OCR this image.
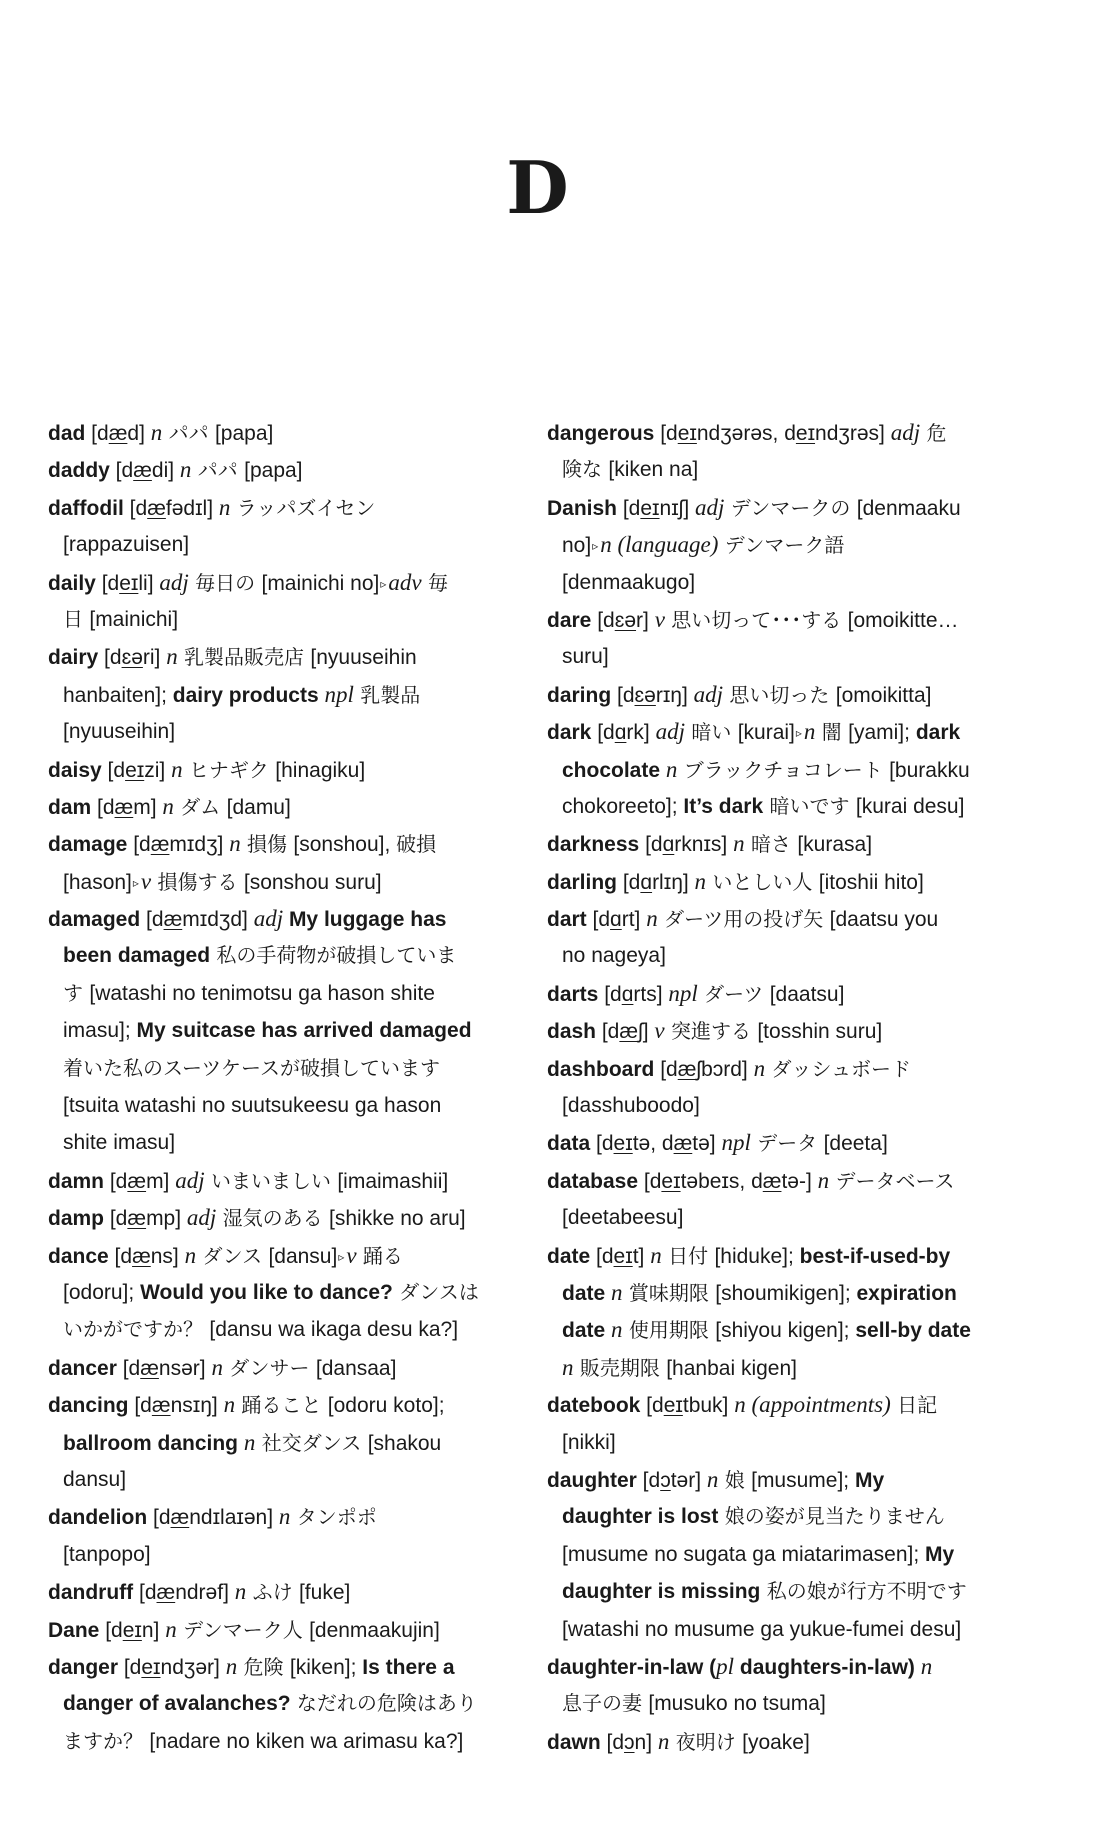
D
dad [dæd] n パパ [papa]
daddy [dædi] n パパ [papa]
daffodil [dæfədɪl] n ラッパズイセン
[rappazuisen]
daily [deɪli] adj 毎日の [mainichi no]▹adv 毎
日 [mainichi]
dairy [dɛəri] n 乳製品販売店 [nyuuseihin
hanbaiten]; dairy products npl 乳製品
[nyuuseihin]
daisy [deɪzi] n ヒナギク [hinagiku]
dam [dæm] n ダム [damu]
damage [dæmɪdʒ] n 損傷 [sonshou], 破損
[hason]▹v 損傷する [sonshou suru]
damaged [dæmɪdʒd] adj My luggage has
been damaged 私の手荷物が破損していま
す [watashi no tenimotsu ga hason shite
imasu]; My suitcase has arrived damaged
着いた私のスーツケースが破損しています
[tsuita watashi no suutsukeesu ga hason
shite imasu]
damn [dæm] adj いまいましい [imaimashii]
damp [dæmp] adj 湿気のある [shikke no aru]
dance [dæns] n ダンス [dansu]▹v 踊る
[odoru]; Would you like to dance? ダンスは
いかがですか？ [dansu wa ikaga desu ka?]
dancer [dænsər] n ダンサー [dansaa]
dancing [dænsɪŋ] n 踊ること [odoru koto];
ballroom dancing n 社交ダンス [shakou
dansu]
dandelion [dændɪlaɪən] n タンポポ
[tanpopo]
dandruff [dændrəf] n ふけ [fuke]
Dane [deɪn] n デンマーク人 [denmaakujin]
danger [deɪndʒər] n 危険 [kiken]; Is there a
danger of avalanches? なだれの危険はあり
ますか？ [nadare no kiken wa arimasu ka?]
dangerous [deɪndʒərəs, deɪndʒrəs] adj 危
険な [kiken na]
Danish [deɪnɪʃ] adj デンマークの [denmaaku
no]▹n (language) デンマーク語
[denmaakugo]
dare [dɛər] v 思い切って･･･する [omoikitte…
suru]
daring [dɛərɪŋ] adj 思い切った [omoikitta]
dark [dɑrk] adj 暗い [kurai]▹n 闇 [yami]; dark
chocolate n ブラックチョコレート [burakku
chokoreeto]; It’s dark 暗いです [kurai desu]
darkness [dɑrknɪs] n 暗さ [kurasa]
darling [dɑrlɪŋ] n いとしい人 [itoshii hito]
dart [dɑrt] n ダーツ用の投げ矢 [daatsu you
no nageya]
darts [dɑrts] npl ダーツ [daatsu]
dash [dæʃ] v 突進する [tosshin suru]
dashboard [dæʃbɔrd] n ダッシュボード
[dasshuboodo]
data [deɪtə, dætə] npl データ [deeta]
database [deɪtəbeɪs, dætə-] n データベース
[deetabeesu]
date [deɪt] n 日付 [hiduke]; best-if-used-by
date n 賞味期限 [shoumikigen]; expiration
date n 使用期限 [shiyou kigen]; sell-by date
n 販売期限 [hanbai kigen]
datebook [deɪtbuk] n (appointments) 日記
[nikki]
daughter [dɔtər] n 娘 [musume]; My
daughter is lost 娘の姿が見当たりません
[musume no sugata ga miatarimasen]; My
daughter is missing 私の娘が行方不明です
[watashi no musume ga yukue-fumei desu]
daughter-in-law (pl daughters-in-law) n
息子の妻 [musuko no tsuma]
dawn [dɔn] n 夜明け [yoake]
